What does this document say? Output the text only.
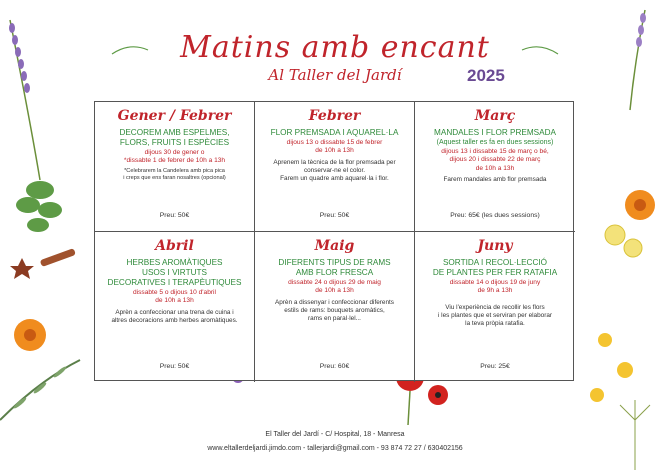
Matins amb encant
Al Taller del Jardí	2025
Gener / Febrer
DECOREM AMB ESPELMES,
FLORS, FRUITS I ESPÈCIES
dijous 30 de gener o
*dissabte 1 de febrer de 10h a 13h
*Celebrarem la Candelera amb pica pica
i creps que ens faran nosaltres (opcional)
Preu: 50€
Febrer
FLOR PREMSADA I AQUAREL·LA
dijous 13 o dissabte 15 de febrer
de 10h a 13h
Aprenem la tècnica de la flor premsada per
conservar-ne el color.
Farem un quadre amb aquarel·la i flor.
Preu: 50€
Març
MANDALES I FLOR PREMSADA
(Aquest taller es fa en dues sessions)
dijous 13 i dissabte 15 de març o bé,
dijous 20 i dissabte 22 de març
de 10h a 13h
Farem mandales amb flor premsada
Preu: 65€ (les dues sessions)
Abril
HERBES AROMÀTIQUES
USOS I VIRTUTS
DECORATIVES I TERAPÈUTIQUES
dissabte 5 o dijous 10 d'abril
de 10h a 13h
Aprèn a confeccionar una trena de cuina i
altres decoracions amb herbes aromàtiques.
Preu: 50€
Maig
DIFERENTS TIPUS DE RAMS
AMB FLOR FRESCA
dissabte 24 o dijous 29 de maig
de 10h a 13h
Aprèn a dissenyar i confeccionar diferents
estils de rams: bouquets aromàtics,
rams en paral·lel...
Preu: 60€
Juny
SORTIDA I RECOL·LECCIÓ
DE PLANTES PER FER RATAFIA
dissabte 14 o dijous 19 de juny
de 9h a 13h
Viu l'experiència de recollir les flors
i les plantes que et serviran per elaborar
la teva pròpia ratafia.
Preu: 25€
El Taller del Jardí - C/ Hospital, 18 - Manresa
www.eltallerdeljardi.jimdo.com - tallerjardi@gmail.com - 93 874 72 27 / 630402156
